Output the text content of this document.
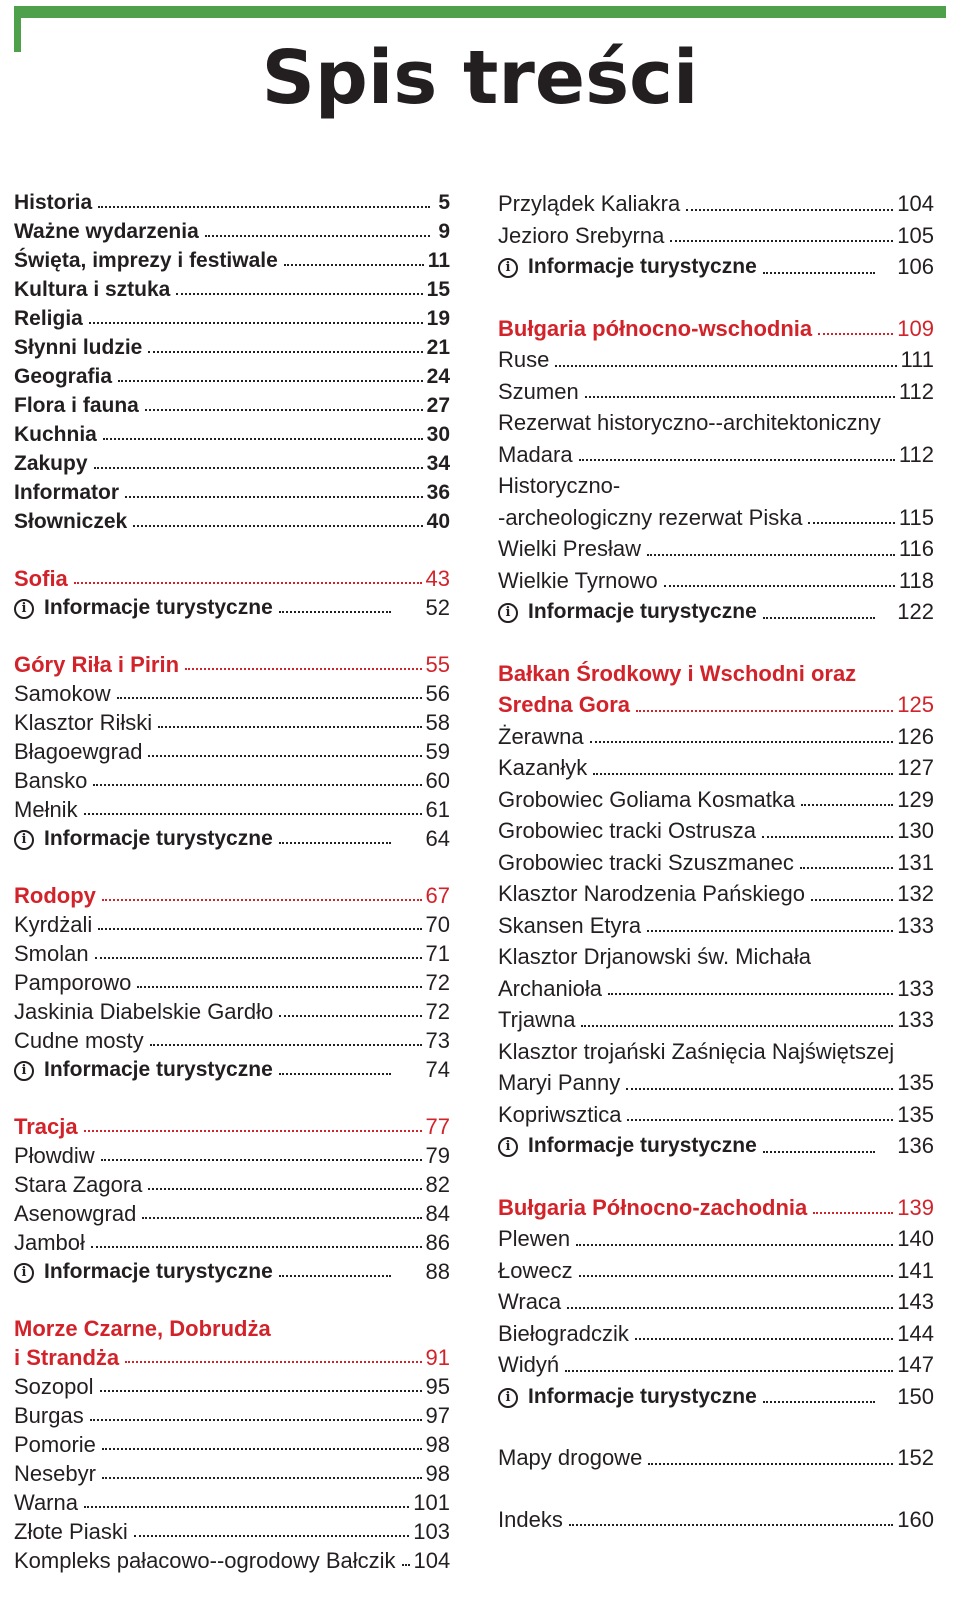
Spis treści
Historia	5
Ważne wydarzenia	9
Święta, imprezy i festiwale	11
Kultura i sztuka	15
Religia	19
Słynni ludzie	21
Geografia	24
Flora i fauna	27
Kuchnia	30
Zakupy	34
Informator	36
Słowniczek	40
Sofia	43
i Informacje turystyczne	52
Góry Riła i Pirin	55
Samokow	56
Klasztor Riłski	58
Błagoewgrad	59
Bansko	60
Mełnik	61
i Informacje turystyczne	64
Rodopy	67
Kyrdżali	70
Smolan	71
Pamporowo	72
Jaskinia Diabelskie Gardło	72
Cudne mosty	73
i Informacje turystyczne	74
Tracja	77
Płowdiw	79
Stara Zagora	82
Asenowgrad	84
Jamboł	86
i Informacje turystyczne	88
Morze Czarne, Dobrudża
i Strandża	91
Sozopol	95
Burgas	97
Pomorie	98
Nesebyr	98
Warna	101
Złote Piaski	103
Kompleks pałacowo--ogrodowy Bałczik 104
Przylądek Kaliakra	104
Jezioro Srebyrna	105
i Informacje turystyczne	106
Bułgaria północno-wschodnia	109
Ruse	111
Szumen	112
Rezerwat historyczno--architektoniczny
Madara	112
Historyczno-
-archeologiczny rezerwat Piska	115
Wielki Presław	116
Wielkie Tyrnowo	118
i Informacje turystyczne	122
Bałkan Środkowy i Wschodni oraz
Sredna Gora	125
Żerawna	126
Kazanłyk	127
Grobowiec Goliama Kosmatka	129
Grobowiec tracki Ostrusza	130
Grobowiec tracki Szuszmanec	131
Klasztor Narodzenia Pańskiego	132
Skansen Etyra	133
Klasztor Drjanowski św. Michała
Archanioła	133
Trjawna	133
Klasztor trojański Zaśnięcia Najświętszej
Maryi Panny	135
Kopriwsztica	135
i Informacje turystyczne	136
Bułgaria Północno-zachodnia	139
Plewen	140
Łowecz	141
Wraca	143
Biełogradczik	144
Widyń	147
i Informacje turystyczne	150
Mapy drogowe	152
Indeks	160
